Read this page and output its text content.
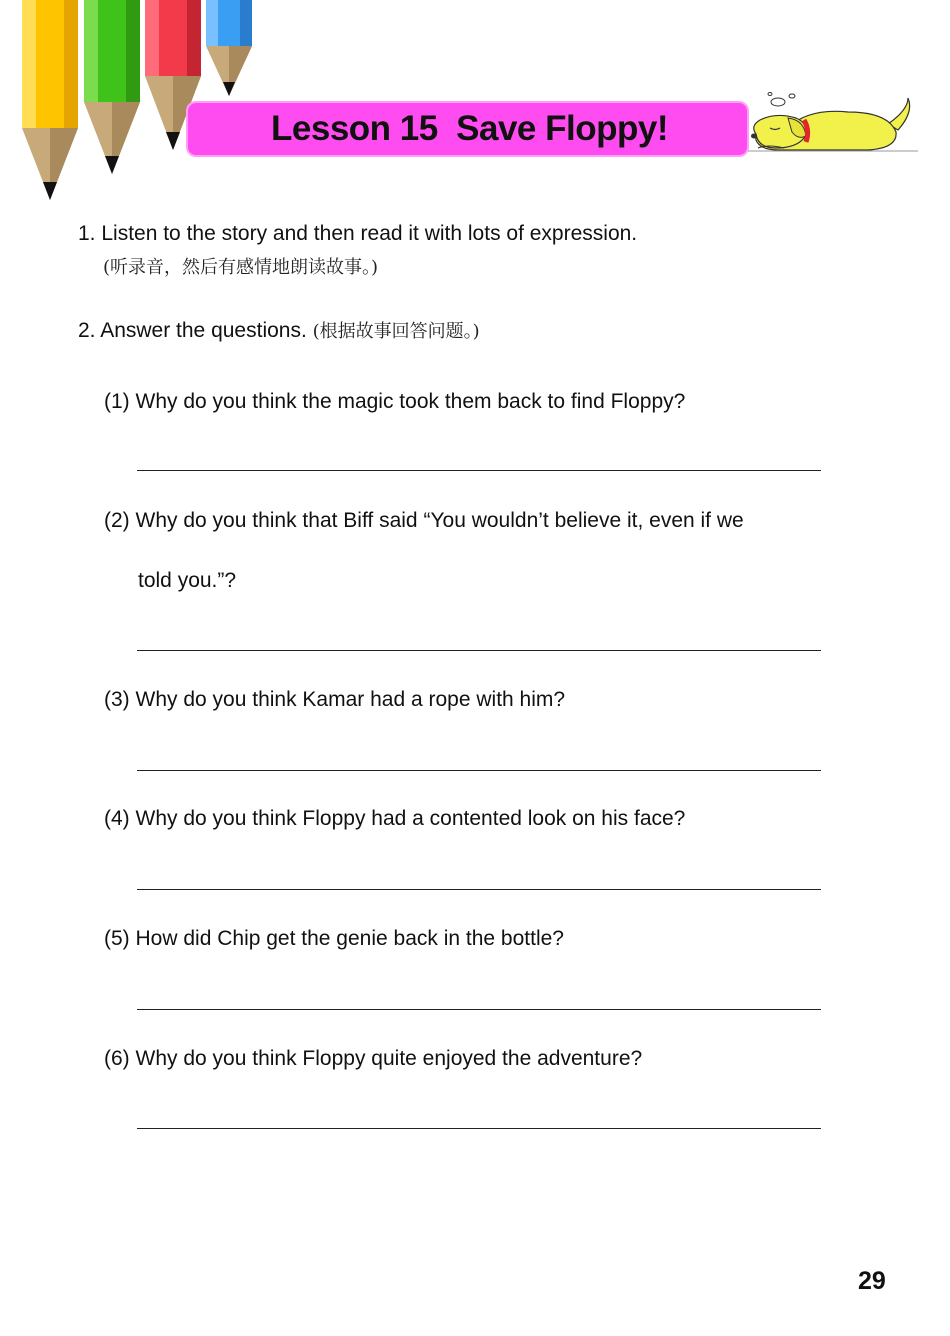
Lesson 15  Save Floppy!
1. Listen to the story and then read it with lots of expression.
(听录音，然后有感情地朗读故事。)
2. Answer the questions. (根据故事回答问题。)
(1) Why do you think the magic took them back to find Floppy?
(2) Why do you think that Biff said “You wouldn’t believe it, even if we
told you.”?
(3) Why do you think Kamar had a rope with him?
(4) Why do you think Floppy had a contented look on his face?
(5) How did Chip get the genie back in the bottle?
(6) Why do you think Floppy quite enjoyed the adventure?
29
